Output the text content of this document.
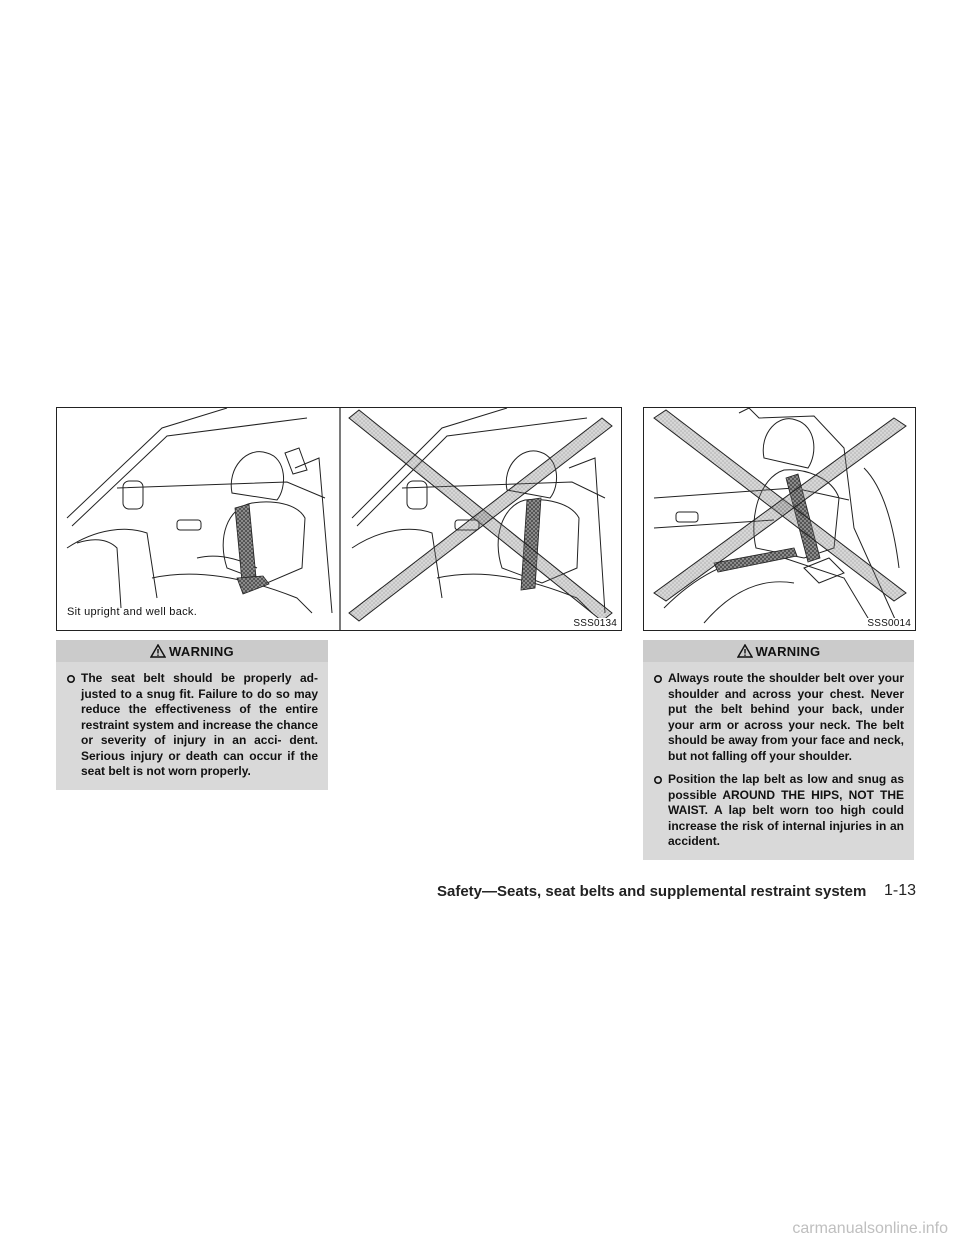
Sit upright and well back.
SSS0134	SSS0014
WARNING
The seat belt should be properly ad- justed to a snug fit. Failure to do so may reduce the effectiveness of the entire restraint system and increase the chance or severity of injury in an acci- dent. Serious injury or death can occur if the seat belt is not worn properly.
WARNING
Always route the shoulder belt over your shoulder and across your chest. Never put the belt behind your back, under your arm or across your neck. The belt should be away from your face and neck, but not falling off your shoulder.
Position the lap belt as low and snug as possible AROUND THE HIPS, NOT THE WAIST. A lap belt worn too high could increase the risk of internal injuries in an accident.
Safety—Seats, seat belts and supplemental restraint system 1-13
carmanualsonline.info
